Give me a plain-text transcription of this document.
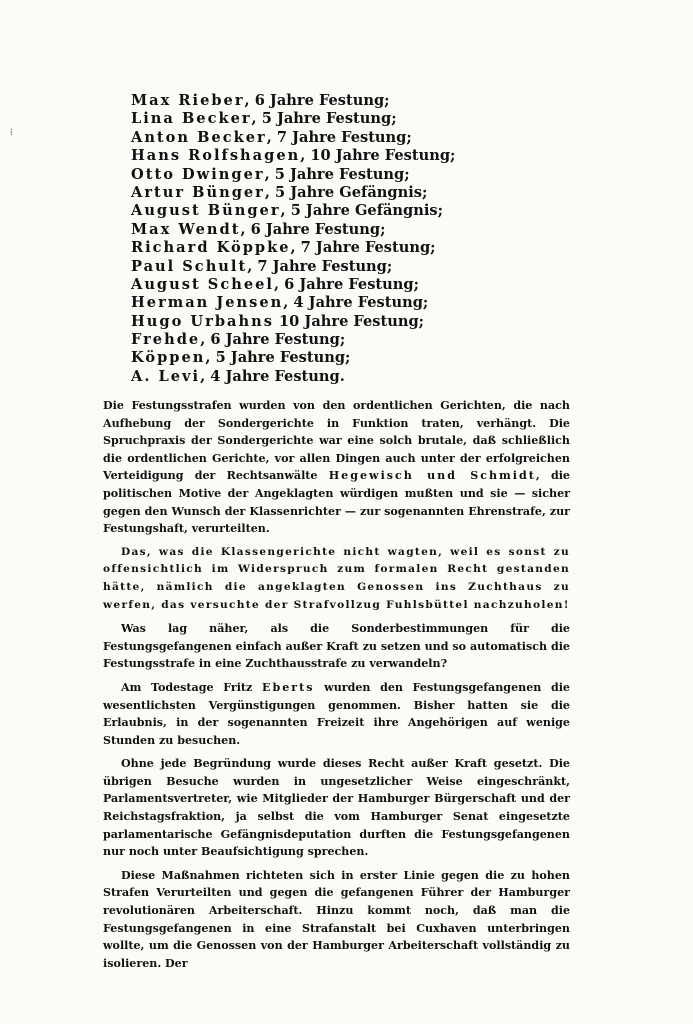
⁞
Max Rieber, 6 Jahre Festung;
Lina Becker, 5 Jahre Festung;
Anton Becker, 7 Jahre Festung;
Hans Rolfshagen, 10 Jahre Festung;
Otto Dwinger, 5 Jahre Festung;
Artur Bünger, 5 Jahre Gefängnis;
August Bünger, 5 Jahre Gefängnis;
Max Wendt, 6 Jahre Festung;
Richard Köppke, 7 Jahre Festung;
Paul Schult, 7 Jahre Festung;
August Scheel, 6 Jahre Festung;
Herman Jensen, 4 Jahre Festung;
Hugo Urbahns 10 Jahre Festung;
Frehde, 6 Jahre Festung;
Köppen, 5 Jahre Festung;
A. Levi, 4 Jahre Festung.

Die Festungsstrafen wurden von den ordentlichen Gerichten, die nach Aufhebung der Sondergerichte in Funktion traten, verhängt. Die Spruchpraxis der Sondergerichte war eine solch brutale, daß schließlich die ordentlichen Gerichte, vor allen Dingen auch unter der erfolgreichen Verteidigung der Rechtsanwälte Hegewisch und Schmidt, die politischen Motive der Angeklagten würdigen mußten und sie — sicher gegen den Wunsch der Klassenrichter — zur sogenannten Ehrenstrafe, zur Festungshaft, verurteilten.

Das, was die Klassengerichte nicht wagten, weil es sonst zu offensichtlich im Widerspruch zum formalen Recht gestanden hätte, nämlich die angeklagten Genossen ins Zuchthaus zu werfen, das versuchte der Strafvollzug Fuhlsbüttel nachzuholen!

Was lag näher, als die Sonderbestimmungen für die Festungsgefangenen einfach außer Kraft zu setzen und so automatisch die Festungsstrafe in eine Zuchthausstrafe zu verwandeln?

Am Todestage Fritz Eberts wurden den Festungsgefangenen die wesentlichsten Vergünstigungen genommen. Bisher hatten sie die Erlaubnis, in der sogenannten Freizeit ihre Angehörigen auf wenige Stunden zu besuchen.

Ohne jede Begründung wurde dieses Recht außer Kraft gesetzt. Die übrigen Besuche wurden in ungesetzlicher Weise eingeschränkt, Parlamentsvertreter, wie Mitglieder der Hamburger Bürgerschaft und der Reichstagsfraktion, ja selbst die vom Hamburger Senat eingesetzte parlamentarische Gefängnisdeputation durften die Festungsgefangenen nur noch unter Beaufsichtigung sprechen.

Diese Maßnahmen richteten sich in erster Linie gegen die zu hohen Strafen Verurteilten und gegen die gefangenen Führer der Hamburger revolutionären Arbeiterschaft. Hinzu kommt noch, daß man die Festungsgefangenen in eine Strafanstalt bei Cuxhaven unterbringen wollte, um die Genossen von der Hamburger Arbeiterschaft vollständig zu isolieren. Der
